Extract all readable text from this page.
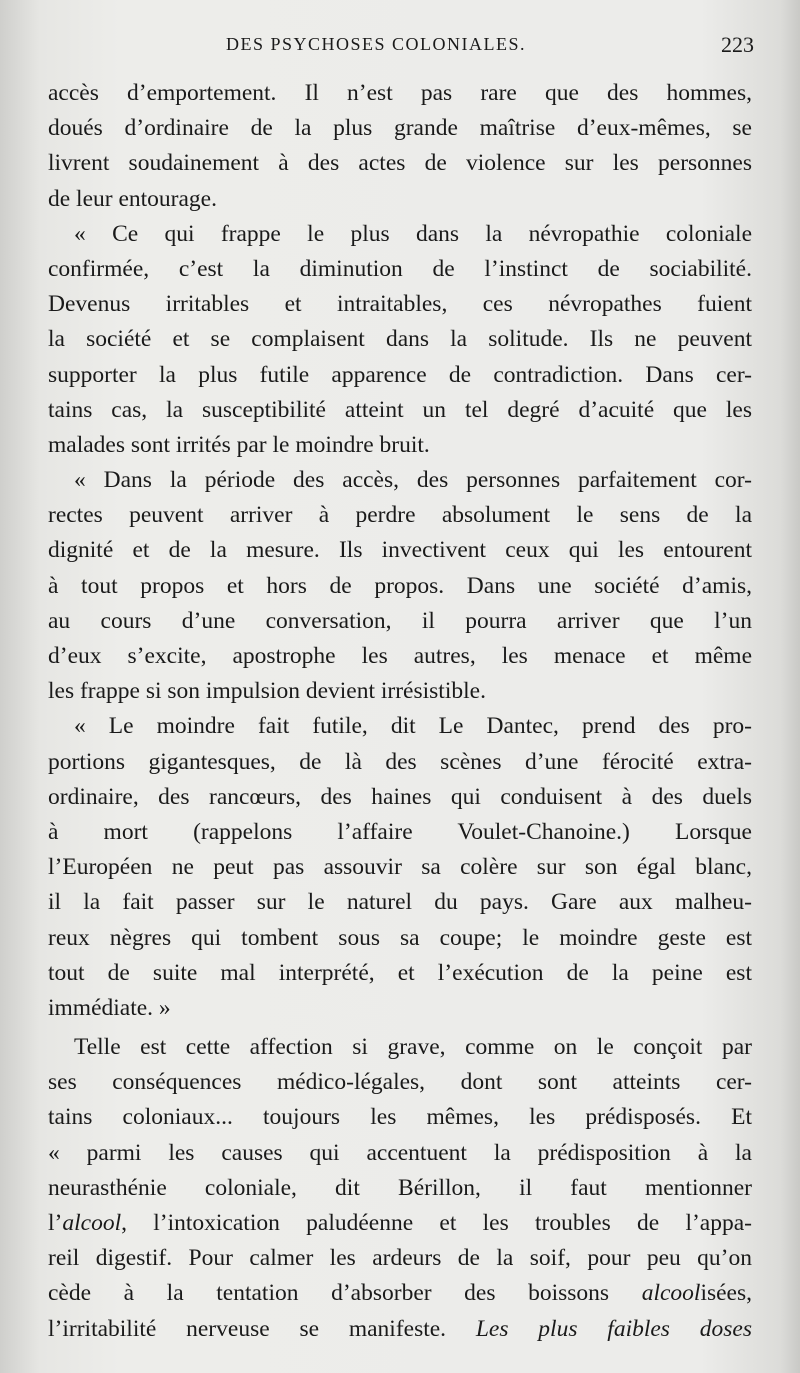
DES PSYCHOSES COLONIALES.	223
accès d’emportement. Il n’est pas rare que des hommes,
doués d’ordinaire de la plus grande maîtrise d’eux-mêmes, se
livrent soudainement à des actes de violence sur les personnes
de leur entourage.
« Ce qui frappe le plus dans la névropathie coloniale
confirmée, c’est la diminution de l’instinct de sociabilité.
Devenus irritables et intraitables, ces névropathes fuient
la société et se complaisent dans la solitude. Ils ne peuvent
supporter la plus futile apparence de contradiction. Dans cer-
tains cas, la susceptibilité atteint un tel degré d’acuité que les
malades sont irrités par le moindre bruit.
« Dans la période des accès, des personnes parfaitement cor-
rectes peuvent arriver à perdre absolument le sens de la
dignité et de la mesure. Ils invectivent ceux qui les entourent
à tout propos et hors de propos. Dans une société d’amis,
au cours d’une conversation, il pourra arriver que l’un
d’eux s’excite, apostrophe les autres, les menace et même
les frappe si son impulsion devient irrésistible.
« Le moindre fait futile, dit Le Dantec, prend des pro-
portions gigantesques, de là des scènes d’une férocité extra-
ordinaire, des rancœurs, des haines qui conduisent à des duels
à mort (rappelons l’affaire Voulet-Chanoine.) Lorsque
l’Européen ne peut pas assouvir sa colère sur son égal blanc,
il la fait passer sur le naturel du pays. Gare aux malheu-
reux nègres qui tombent sous sa coupe; le moindre geste est
tout de suite mal interprété, et l’exécution de la peine est
immédiate. »
Telle est cette affection si grave, comme on le conçoit par
ses conséquences médico-légales, dont sont atteints cer-
tains coloniaux... toujours les mêmes, les prédisposés. Et
« parmi les causes qui accentuent la prédisposition à la
neurasthénie coloniale, dit Bérillon, il faut mentionner
l’alcool, l’intoxication paludéenne et les troubles de l’appa-
reil digestif. Pour calmer les ardeurs de la soif, pour peu qu’on
cède à la tentation d’absorber des boissons alcoolisées,
l’irritabilité nerveuse se manifeste. Les plus faibles doses
